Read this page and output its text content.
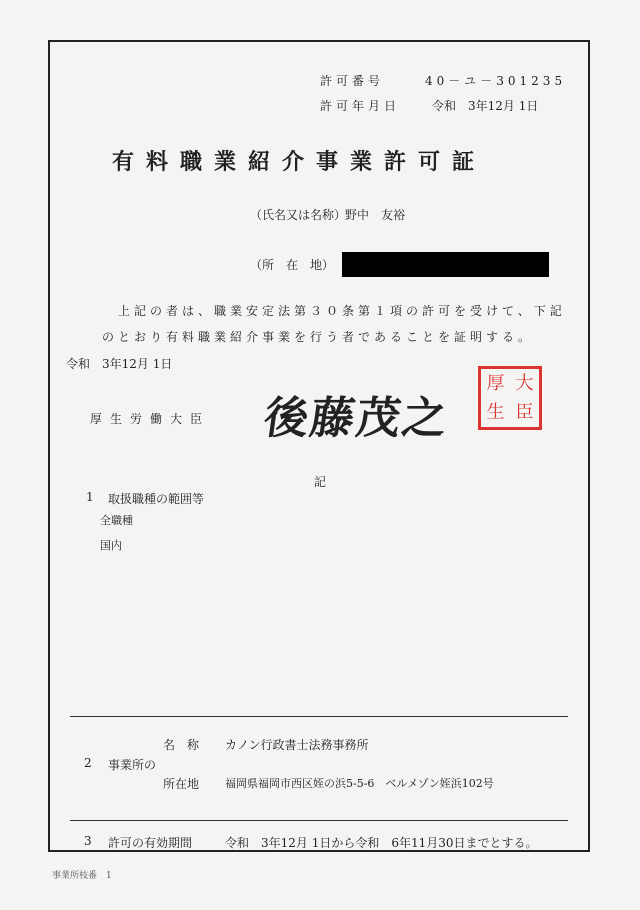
許可番号	40－ユ－301235
許可年月日	令和　3年12月 1日
有料職業紹介事業許可証
（氏名又は名称）
野中　友裕
（所　在　地）
上記の者は、職業安定法第３０条第１項の許可を受けて、下記
のとおり有料職業紹介事業を行う者であることを証明する。
令和　3年12月 1日
厚生労働大臣 後藤茂之
厚 大
生 臣
記
1 取扱職種の範囲等
全職種
国内
名　称 カノン行政書士法務事務所
2 事業所の
所在地 福岡県福岡市西区姪の浜5-5-6　ベルメゾン姪浜102号
3 許可の有効期間	令和　3年12月 1日から令和　6年11月30日までとする。
事業所枝番　1
